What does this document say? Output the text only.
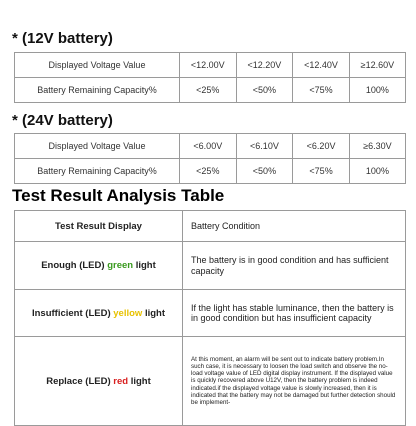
* (12V battery)
Displayed Voltage Value	<12.00V	<12.20V	<12.40V	≥12.60V
Battery Remaining Capacity%	<25%	<50%	<75%	100%
* (24V battery)
Displayed Voltage Value	<6.00V	<6.10V	<6.20V	≥6.30V
Battery Remaining Capacity%	<25%	<50%	<75%	100%
Test Result Analysis Table
Test Result Display	Battery Condition
Enough (LED) green light	The battery is in good condition and has sufficient capacity
Insufficient (LED) yellow light	If the light has stable luminance, then the battery is in good condition but has insufficient capacity
Replace (LED) red light	At this moment, an alarm will be sent out to indicate battery problem.In such case, it is necessary to loosen the load switch and observe the no-load voltage value of LED digital display instrument. If the displayed value is quickly recovered above U12V, then the battery problem is indeed indicated.if the displayed voltage value is slowly increased, then it is indicated that the battery may not be damaged but further detection should be implement-
